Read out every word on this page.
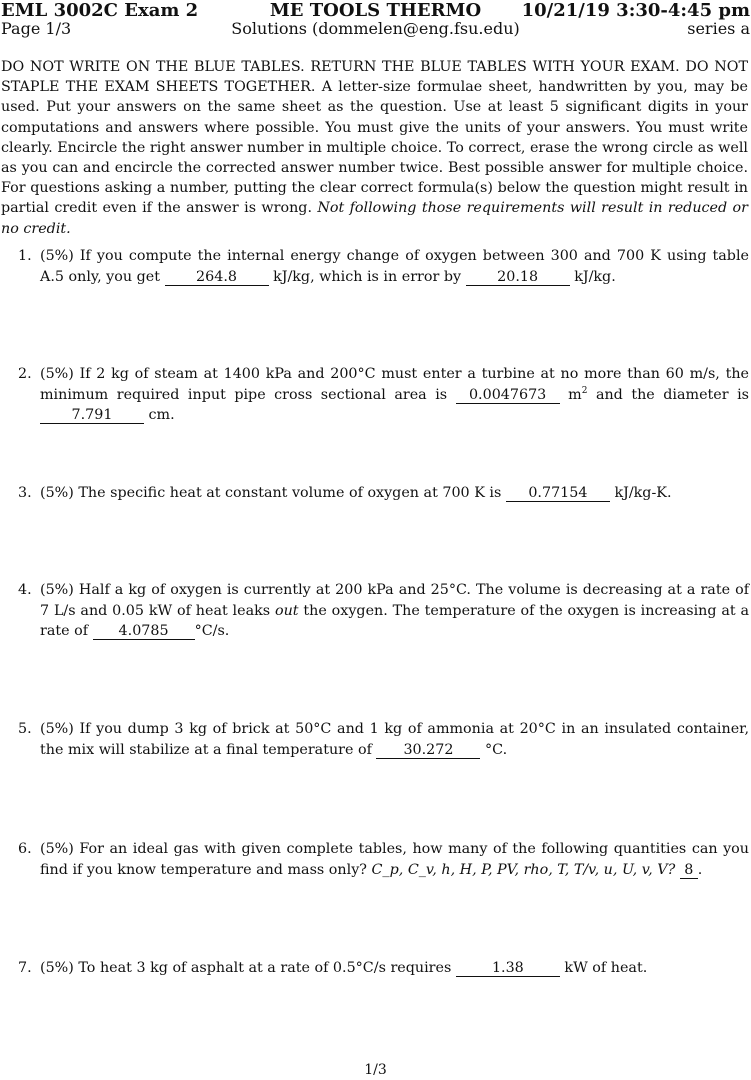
EML 3002C Exam 2	ME TOOLS THERMO	10/21/19 3:30-4:45 pm
Page 1/3	Solutions (dommelen@eng.fsu.edu)	series a

DO NOT WRITE ON THE BLUE TABLES. RETURN THE BLUE TABLES WITH YOUR EXAM. DO NOT STAPLE THE EXAM SHEETS TOGETHER. A letter-size formulae sheet, handwritten by you, may be used. Put your answers on the same sheet as the question. Use at least 5 significant digits in your computations and answers where possible. You must give the units of your answers. You must write clearly. Encircle the right answer number in multiple choice. To correct, erase the wrong circle as well as you can and encircle the corrected answer number twice. Best possible answer for multiple choice. For questions asking a number, putting the clear correct formula(s) below the question might result in partial credit even if the answer is wrong. Not following those requirements will result in reduced or no credit.

1. (5%) If you compute the internal energy change of oxygen between 300 and 700 K using table A.5 only, you get	264.8	kJ/kg, which is in error by	20.18	kJ/kg.
2. (5%) If 2 kg of steam at 1400 kPa and 200°C must enter a turbine at no more than 60 m/s, the minimum required input pipe cross sectional area is 0.0047673 $m^2$ and the diameter is 7.791	cm.
3. (5%) The specific heat at constant volume of oxygen at 700 K is 0.77154 kJ/kg-K.
4. (5%) Half a kg of oxygen is currently at 200 kPa and 25°C. The volume is decreasing at a rate of 7 L/s and 0.05 kW of heat leaks out the oxygen. The temperature of the oxygen is increasing at a rate of 4.0785 °C/s.
5. (5%) If you dump 3 kg of brick at 50°C and 1 kg of ammonia at 20°C in an insulated container, the mix will stabilize at a final temperature of 30.272 °C.
6. (5%) For an ideal gas with given complete tables, how many of the following quantities can you find if you know temperature and mass only? C_p, C_v, h, H, P, PV, rho, T, T/v, u, U, v, V? 8 .
7. (5%) To heat 3 kg of asphalt at a rate of 0.5°C/s requires	1.38	kW of heat.
1/3
